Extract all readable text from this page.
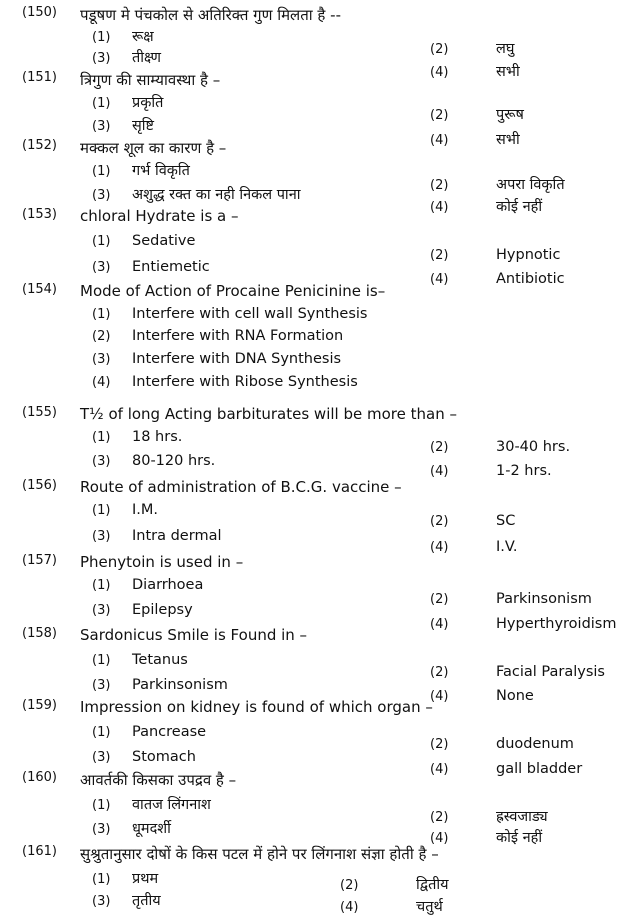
(150) पडूषण मे पंचकोल से अतिरिक्त गुण मिलता है --
(1) रूक्ष
(2)	लघु
(3) तीक्ष्ण
(4)	सभी
(151) त्रिगुण की साम्यावस्था है –
(1) प्रकृति
(2)	पुरूष
(3) सृष्टि
(4)	सभी
(152) मक्कल शूल का कारण है –
(1) गर्भ विकृति
(2)	अपरा विकृति
(3) अशुद्ध रक्त का नही निकल पाना
(4)	कोई नहीं
(153) chloral Hydrate is a –
(1) Sedative
(2)	Hypnotic
(3) Entiemetic
(4)	Antibiotic
(154) Mode of Action of Procaine Penicinine is–
(1) Interfere with cell wall Synthesis
(2) Interfere with RNA Formation
(3) Interfere with DNA Synthesis
(4) Interfere with Ribose Synthesis
(155) T½ of long Acting barbiturates will be more than –
(1) 18 hrs.
(2)	30-40 hrs.
(3) 80-120 hrs.
(4)	1-2 hrs.
(156) Route of administration of B.C.G. vaccine –
(1) I.M.
(2)	SC
(3) Intra dermal
(4)	I.V.
(157) Phenytoin is used in –
(1) Diarrhoea
(2)	Parkinsonism
(3) Epilepsy
(4)	Hyperthyroidism
(158) Sardonicus Smile is Found in –
(1) Tetanus
(2)	Facial Paralysis
(3) Parkinsonism
(4)	None
(159) Impression on kidney is found of which organ –
(1) Pancrease
(2)	duodenum
(3) Stomach
(4)	gall bladder
(160) आवर्तकी किसका उपद्रव है –
(1) वातज लिंगनाश
(2)	ह्रस्वजाड्य
(3) धूमदर्शी
(4)	कोई नहीं
(161) सुश्रुतानुसार दोषों के किस पटल में होने पर लिंगनाश संज्ञा होती है –
(1) प्रथम	(2)	द्वितीय
(3) तृतीय	(4)	चतुर्थ
